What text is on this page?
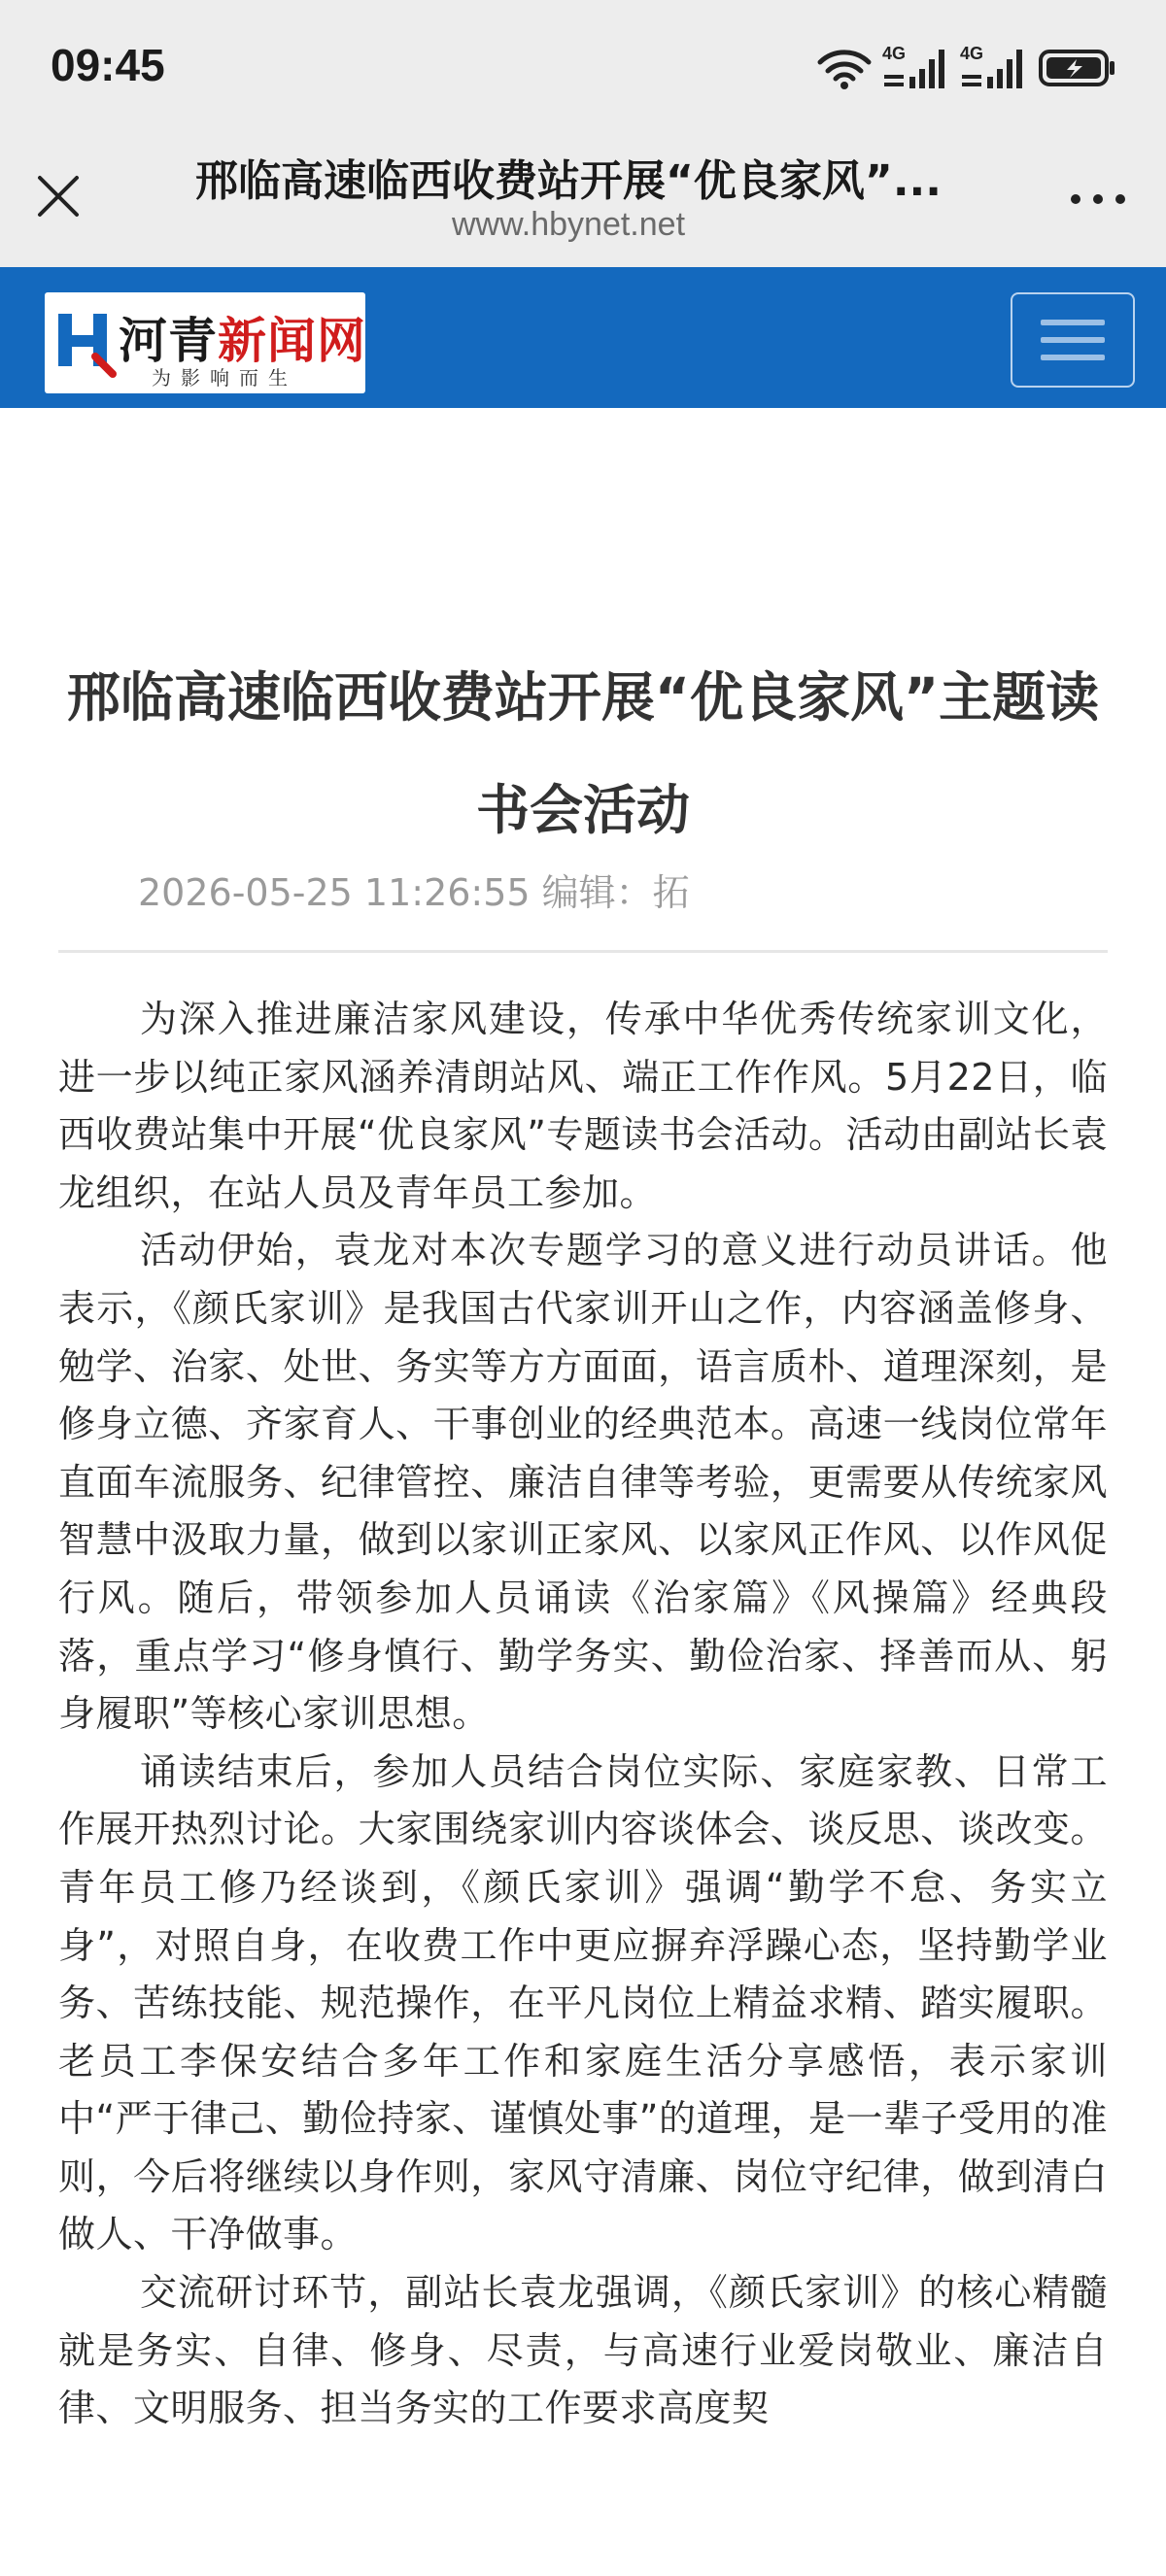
09:45	4G	4G
邢临高速临西收费站开展“优良家风”...
www.hbynet.net
河青新闻网
为影响而生
邢临高速临西收费站开展“优良家风”主题读书会活动
2026-05-25 11:26:55 编辑：拓

为深入推进廉洁家风建设，传承中华优秀传统家训文化，进一步以纯正家风涵养清朗站风、端正工作作风。5月22日，临西收费站集中开展“优良家风”专题读书会活动。活动由副站长袁龙组织，在站人员及青年员工参加。

活动伊始，袁龙对本次专题学习的意义进行动员讲话。他表示，《颜氏家训》是我国古代家训开山之作，内容涵盖修身、勉学、治家、处世、务实等方方面面，语言质朴、道理深刻，是修身立德、齐家育人、干事创业的经典范本。高速一线岗位常年直面车流服务、纪律管控、廉洁自律等考验，更需要从传统家风智慧中汲取力量，做到以家训正家风、以家风正作风、以作风促行风。随后，带领参加人员诵读《治家篇》《风操篇》经典段落，重点学习“修身慎行、勤学务实、勤俭治家、择善而从、躬身履职”等核心家训思想。

诵读结束后，参加人员结合岗位实际、家庭家教、日常工作展开热烈讨论。大家围绕家训内容谈体会、谈反思、谈改变。青年员工修乃经谈到，《颜氏家训》强调“勤学不怠、务实立身”，对照自身，在收费工作中更应摒弃浮躁心态，坚持勤学业务、苦练技能、规范操作，在平凡岗位上精益求精、踏实履职。老员工李保安结合多年工作和家庭生活分享感悟，表示家训中“严于律己、勤俭持家、谨慎处事”的道理，是一辈子受用的准则，今后将继续以身作则，家风守清廉、岗位守纪律，做到清白做人、干净做事。

交流研讨环节，副站长袁龙强调，《颜氏家训》的核心精髓就是务实、自律、修身、尽责，与高速行业爱岗敬业、廉洁自律、文明服务、担当务实的工作要求高度契
